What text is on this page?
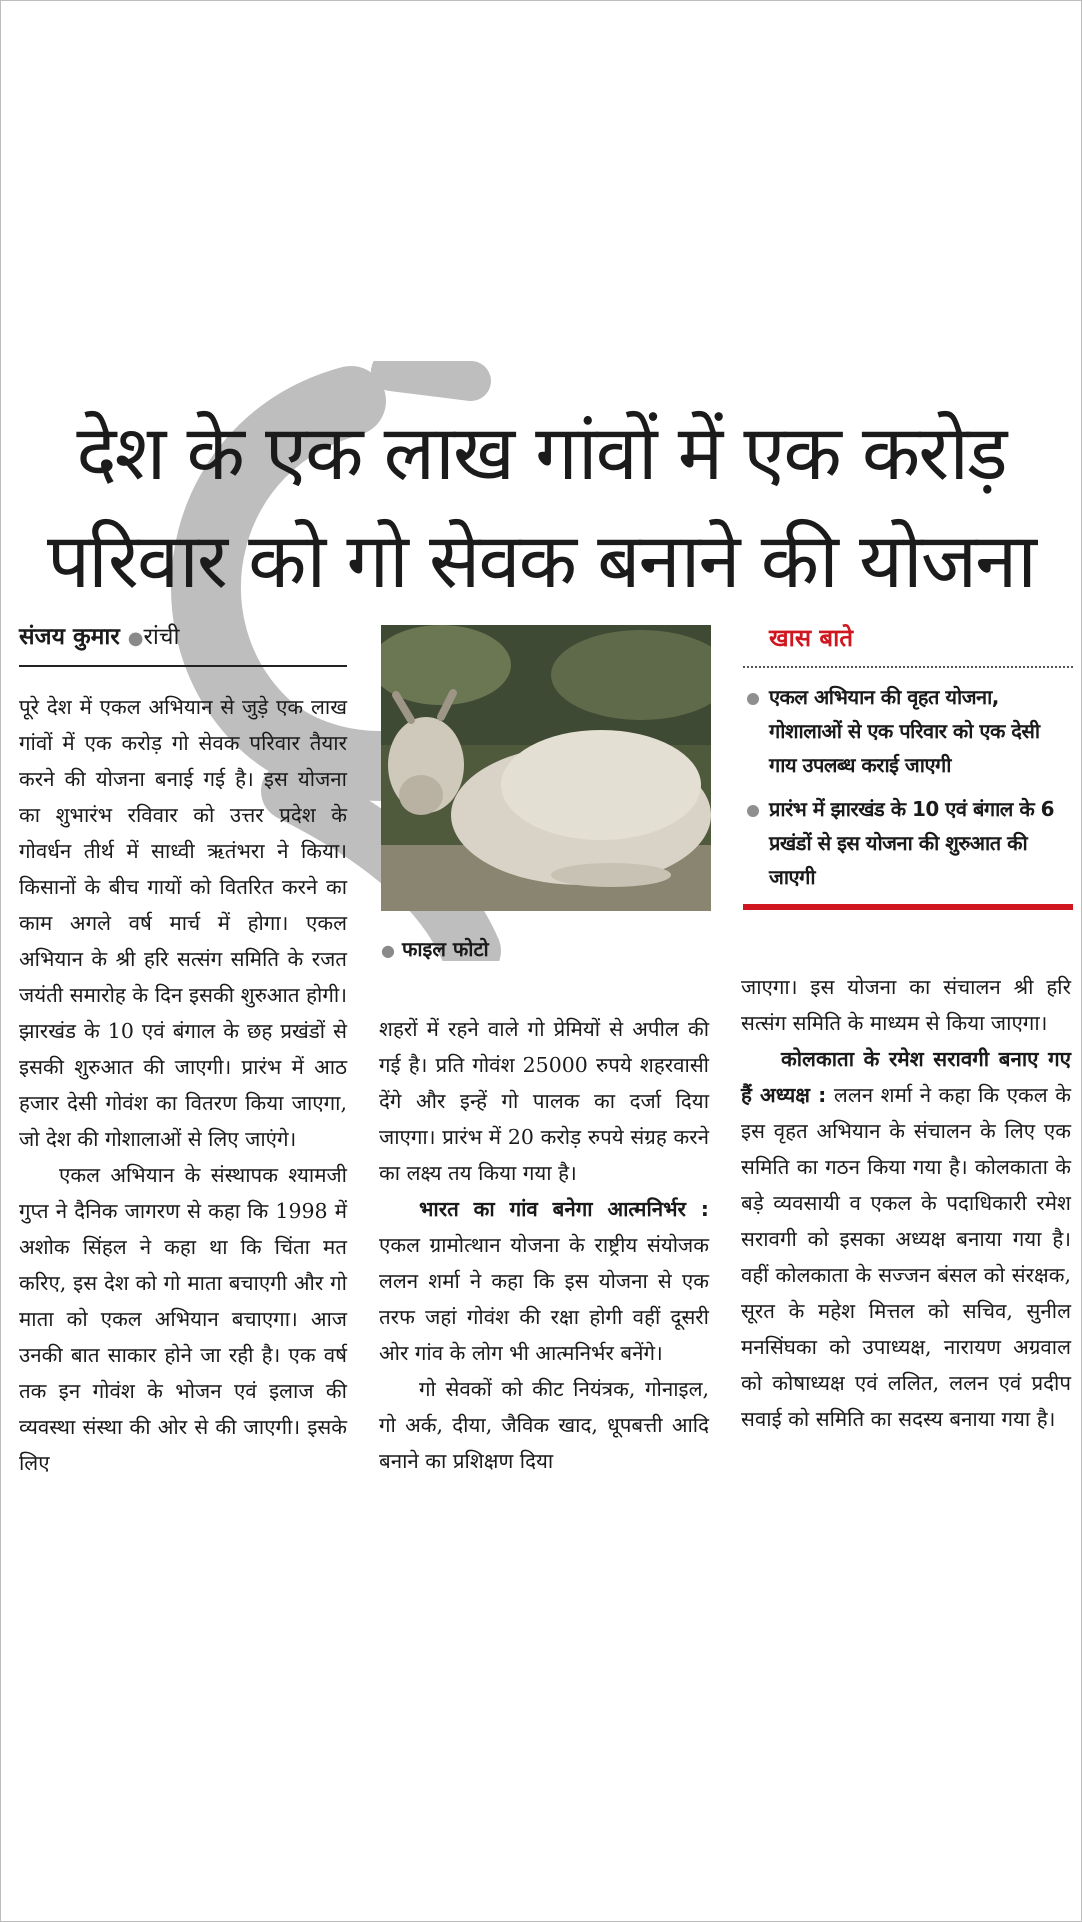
देश के एक लाख गांवों में एक करोड़
परिवार को गो सेवक बनाने की योजना
संजय कुमार ●रांची

पूरे देश में एकल अभियान से जुड़े एक लाख गांवों में एक करोड़ गो सेवक परिवार तैयार करने की योजना बनाई गई है। इस योजना का शुभारंभ रविवार को उत्तर प्रदेश के गोवर्धन तीर्थ में साध्वी ऋतंभरा ने किया। किसानों के बीच गायों को वितरित करने का काम अगले वर्ष मार्च में होगा। एकल अभियान के श्री हरि सत्संग समिति के रजत जयंती समारोह के दिन इसकी शुरुआत होगी। झारखंड के 10 एवं बंगाल के छह प्रखंडों से इसकी शुरुआत की जाएगी। प्रारंभ में आठ हजार देसी गोवंश का वितरण किया जाएगा, जो देश की गोशालाओं से लिए जाएंगे।

एकल अभियान के संस्थापक श्यामजी गुप्त ने दैनिक जागरण से कहा कि 1998 में अशोक सिंहल ने कहा था कि चिंता मत करिए, इस देश को गो माता बचाएगी और गो माता को एकल अभियान बचाएगा। आज उनकी बात साकार होने जा रही है। एक वर्ष तक इन गोवंश के भोजन एवं इलाज की व्यवस्था संस्था की ओर से की जाएगी। इसके लिए

● फाइल फोटो

शहरों में रहने वाले गो प्रेमियों से अपील की गई है। प्रति गोवंश 25000 रुपये शहरवासी देंगे और इन्हें गो पालक का दर्जा दिया जाएगा। प्रारंभ में 20 करोड़ रुपये संग्रह करने का लक्ष्य तय किया गया है।

भारत का गांव बनेगा आत्मनिर्भर : एकल ग्रामोत्थान योजना के राष्ट्रीय संयोजक ललन शर्मा ने कहा कि इस योजना से एक तरफ जहां गोवंश की रक्षा होगी वहीं दूसरी ओर गांव के लोग भी आत्मनिर्भर बनेंगे।

गो सेवकों को कीट नियंत्रक, गोनाइल, गो अर्क, दीया, जैविक खाद, धूपबत्ती आदि बनाने का प्रशिक्षण दिया

खास बाते
एकल अभियान की वृहत योजना, गोशालाओं से एक परिवार को एक देसी गाय उपलब्ध कराई जाएगी
प्रारंभ में झारखंड के 10 एवं बंगाल के 6 प्रखंडों से इस योजना की शुरुआत की जाएगी

जाएगा। इस योजना का संचालन श्री हरि सत्संग समिति के माध्यम से किया जाएगा।

कोलकाता के रमेश सरावगी बनाए गए हैं अध्यक्ष : ललन शर्मा ने कहा कि एकल के इस वृहत अभियान के संचालन के लिए एक समिति का गठन किया गया है। कोलकाता के बड़े व्यवसायी व एकल के पदाधिकारी रमेश सरावगी को इसका अध्यक्ष बनाया गया है। वहीं कोलकाता के सज्जन बंसल को संरक्षक, सूरत के महेश मित्तल को सचिव, सुनील मनसिंघका को उपाध्यक्ष, नारायण अग्रवाल को कोषाध्यक्ष एवं ललित, ललन एवं प्रदीप सवाई को समिति का सदस्य बनाया गया है।
